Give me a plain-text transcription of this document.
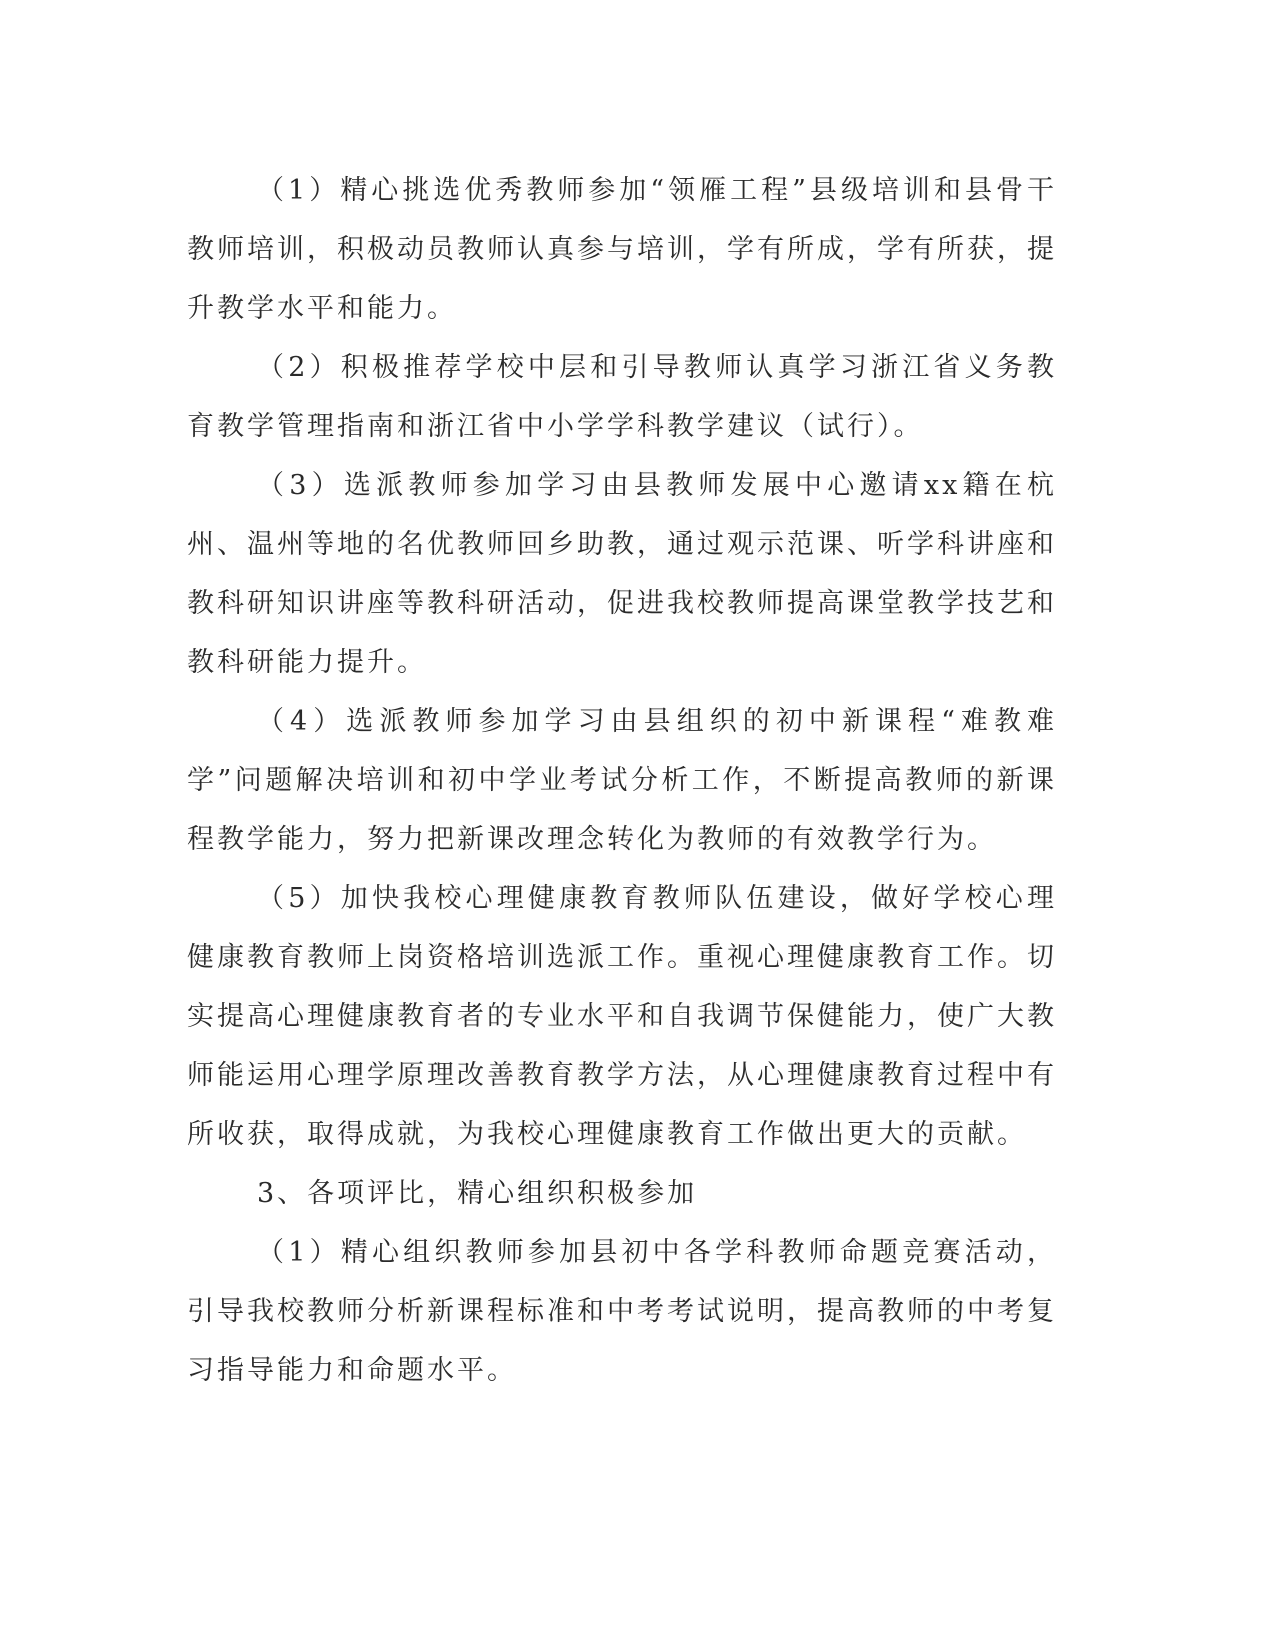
（1）精心挑选优秀教师参加“领雁工程”县级培训和县骨干教师培训，积极动员教师认真参与培训，学有所成，学有所获，提升教学水平和能力。

（2）积极推荐学校中层和引导教师认真学习浙江省义务教育教学管理指南和浙江省中小学学科教学建议（试行）。

（3）选派教师参加学习由县教师发展中心邀请xx籍在杭州、温州等地的名优教师回乡助教，通过观示范课、听学科讲座和教科研知识讲座等教科研活动，促进我校教师提高课堂教学技艺和教科研能力提升。

（4）选派教师参加学习由县组织的初中新课程“难教难学”问题解决培训和初中学业考试分析工作，不断提高教师的新课程教学能力，努力把新课改理念转化为教师的有效教学行为。

（5）加快我校心理健康教育教师队伍建设，做好学校心理健康教育教师上岗资格培训选派工作。重视心理健康教育工作。切实提高心理健康教育者的专业水平和自我调节保健能力，使广大教师能运用心理学原理改善教育教学方法，从心理健康教育过程中有所收获，取得成就，为我校心理健康教育工作做出更大的贡献。

3、各项评比，精心组织积极参加

（1）精心组织教师参加县初中各学科教师命题竞赛活动，引导我校教师分析新课程标准和中考考试说明，提高教师的中考复习指导能力和命题水平。
